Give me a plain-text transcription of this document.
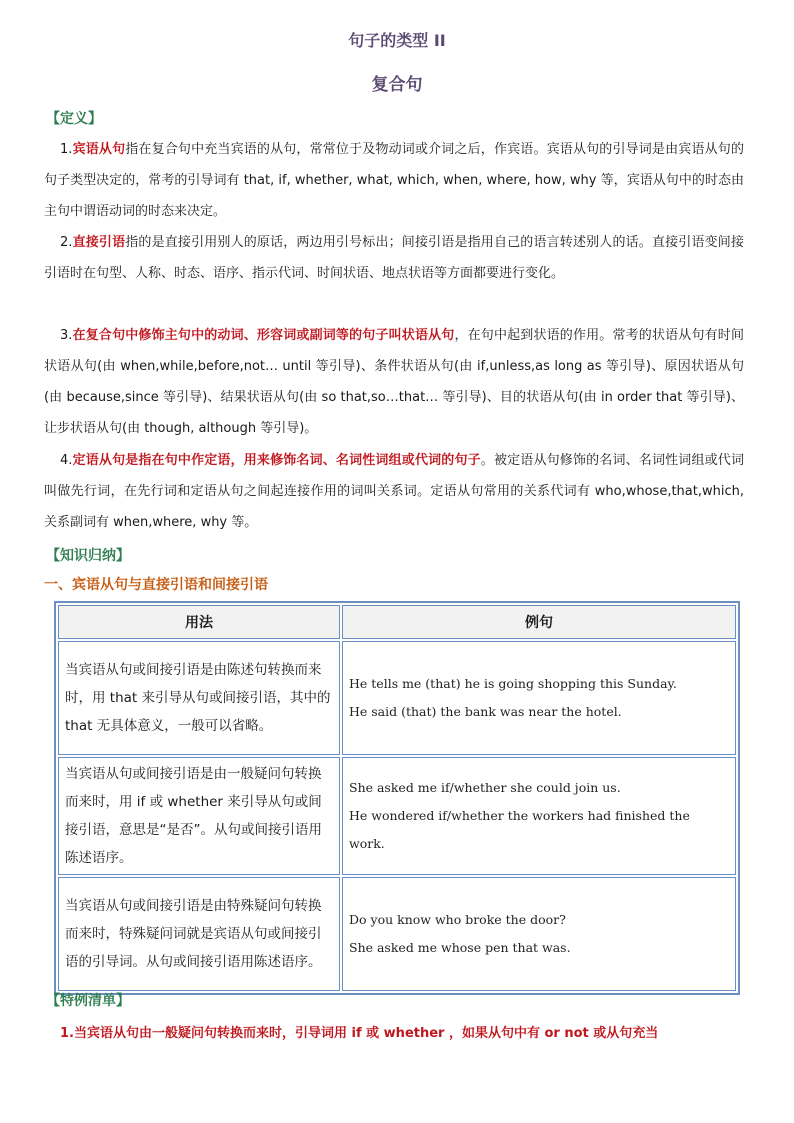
句子的类型 II
复合句
【定义】
1.宾语从句指在复合句中充当宾语的从句，常常位于及物动词或介词之后，作宾语。宾语从句的引导词是由宾语从句的句子类型决定的，常考的引导词有 that, if, whether, what, which, when, where, how, why 等，宾语从句中的时态由主句中谓语动词的时态来决定。
2.直接引语指的是直接引用别人的原话，两边用引号标出；间接引语是指用自己的语言转述别人的话。直接引语变间接引语时在句型、人称、时态、语序、指示代词、时间状语、地点状语等方面都要进行变化。
3.在复合句中修饰主句中的动词、形容词或副词等的句子叫状语从句，在句中起到状语的作用。常考的状语从句有时间状语从句(由 when,while,before,not… until 等引导)、条件状语从句(由 if,unless,as long as 等引导)、原因状语从句(由 because,since 等引导)、结果状语从句(由 so that,so…that… 等引导)、目的状语从句(由 in order that 等引导)、让步状语从句(由 though, although 等引导)。
4.定语从句是指在句中作定语，用来修饰名词、名词性词组或代词的句子。被定语从句修饰的名词、名词性词组或代词叫做先行词，在先行词和定语从句之间起连接作用的词叫关系词。定语从句常用的关系代词有 who,whose,that,which, 关系副词有 when,where, why 等。
【知识归纳】
一、宾语从句与直接引语和间接引语
用法	例句
当宾语从句或间接引语是由陈述句转换而来时，用 that 来引导从句或间接引语，其中的 that 无具体意义，一般可以省略。	He tells me (that) he is going shopping this Sunday.
He said (that) the bank was near the hotel.

当宾语从句或间接引语是由一般疑问句转换而来时，用 if 或 whether 来引导从句或间接引语，意思是“是否”。从句或间接引语用陈述语序。	She asked me if/whether she could join us.
He wondered if/whether the workers had finished the work.

当宾语从句或间接引语是由特殊疑问句转换而来时，特殊疑问词就是宾语从句或间接引语的引导词。从句或间接引语用陈述语序。	Do you know who broke the door?
She asked me whose pen that was.
【特例清单】
1.当宾语从句由一般疑问句转换而来时，引导词用 if 或 whether ，如果从句中有 or not 或从句充当
